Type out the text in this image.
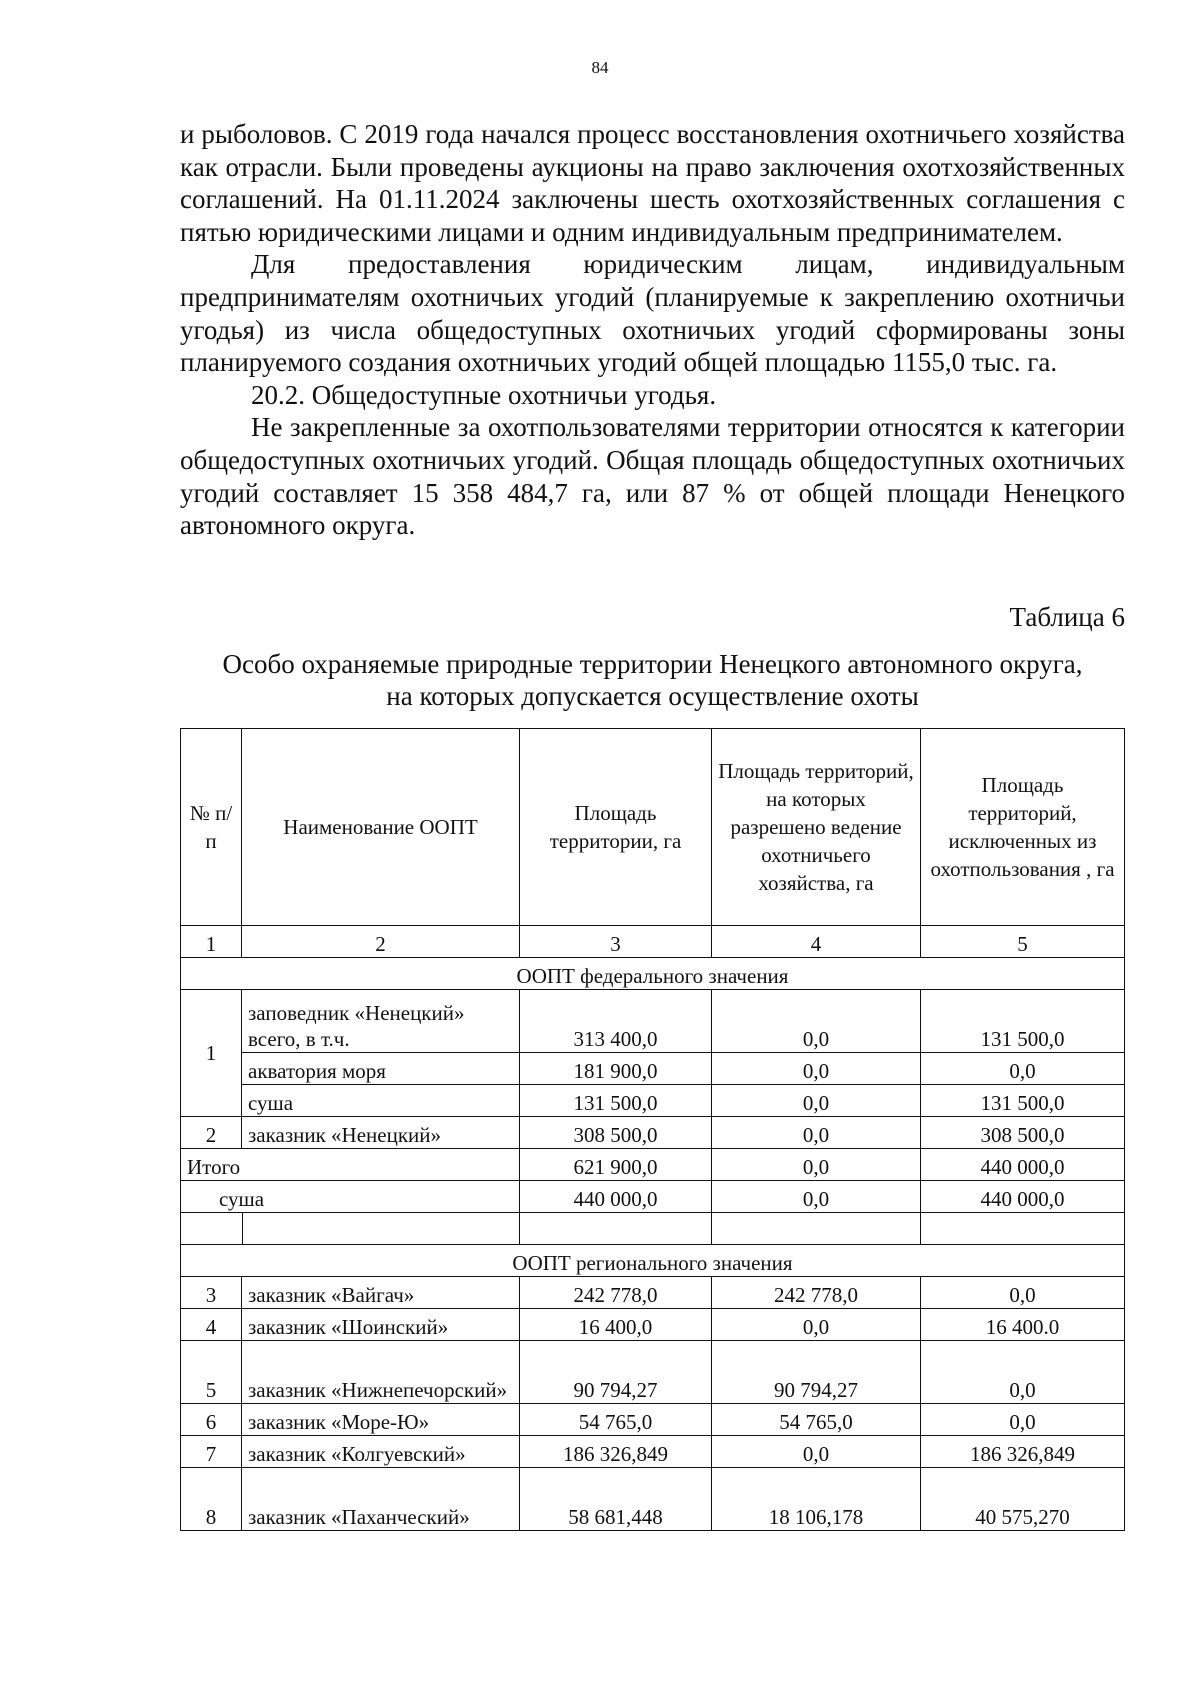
84

и рыболовов. С 2019 года начался процесс восстановления охотничьего хозяйства как отрасли. Были проведены аукционы на право заключения охотхозяйственных соглашений. На 01.11.2024 заключены шесть охотхозяйственных соглашения с пятью юридическими лицами и одним индивидуальным предпринимателем.

Для предоставления юридическим лицам, индивидуальным предпринимателям охотничьих угодий (планируемые к закреплению охотничьи угодья) из числа общедоступных охотничьих угодий сформированы зоны планируемого создания охотничьих угодий общей площадью 1155,0 тыс. га.

20.2. Общедоступные охотничьи угодья.

Не закрепленные за охотпользователями территории относятся к категории общедоступных охотничьих угодий. Общая площадь общедоступных охотничьих угодий составляет 15 358 484,7 га, или 87 % от общей площади Ненецкого автономного округа.

Таблица 6
Особо охраняемые природные территории Ненецкого автономного округа,
на которых допускается осуществление охоты
№ п/п	Наименование ООПТ	Площадь территории, га	Площадь территорий, на которых разрешено ведение охотничьего хозяйства, га	Площадь территорий, исключенных из охотпользования , га
1	2	3	4	5
ООПТ федерального значения				
1	заповедник «Ненецкий» всего, в т.ч.	313 400,0	0,0	131 500,0
	акватория моря	181 900,0	0,0	0,0
	суша	131 500,0	0,0	131 500,0
2	заказник «Ненецкий»	308 500,0	0,0	308 500,0
Итого		621 900,0	0,0	440 000,0
суша		440 000,0	0,0	440 000,0

ООПТ регионального значения				
3	заказник «Вайгач»	242 778,0	242 778,0	0,0
4	заказник «Шоинский»	16 400,0	0,0	16 400.0
5	заказник «Нижнепечорский»	90 794,27	90 794,27	0,0
6	заказник «Море-Ю»	54 765,0	54 765,0	0,0
7	заказник «Колгуевский»	186 326,849	0,0	186 326,849
8	заказник «Паханческий»	58 681,448	18 106,178	40 575,270
